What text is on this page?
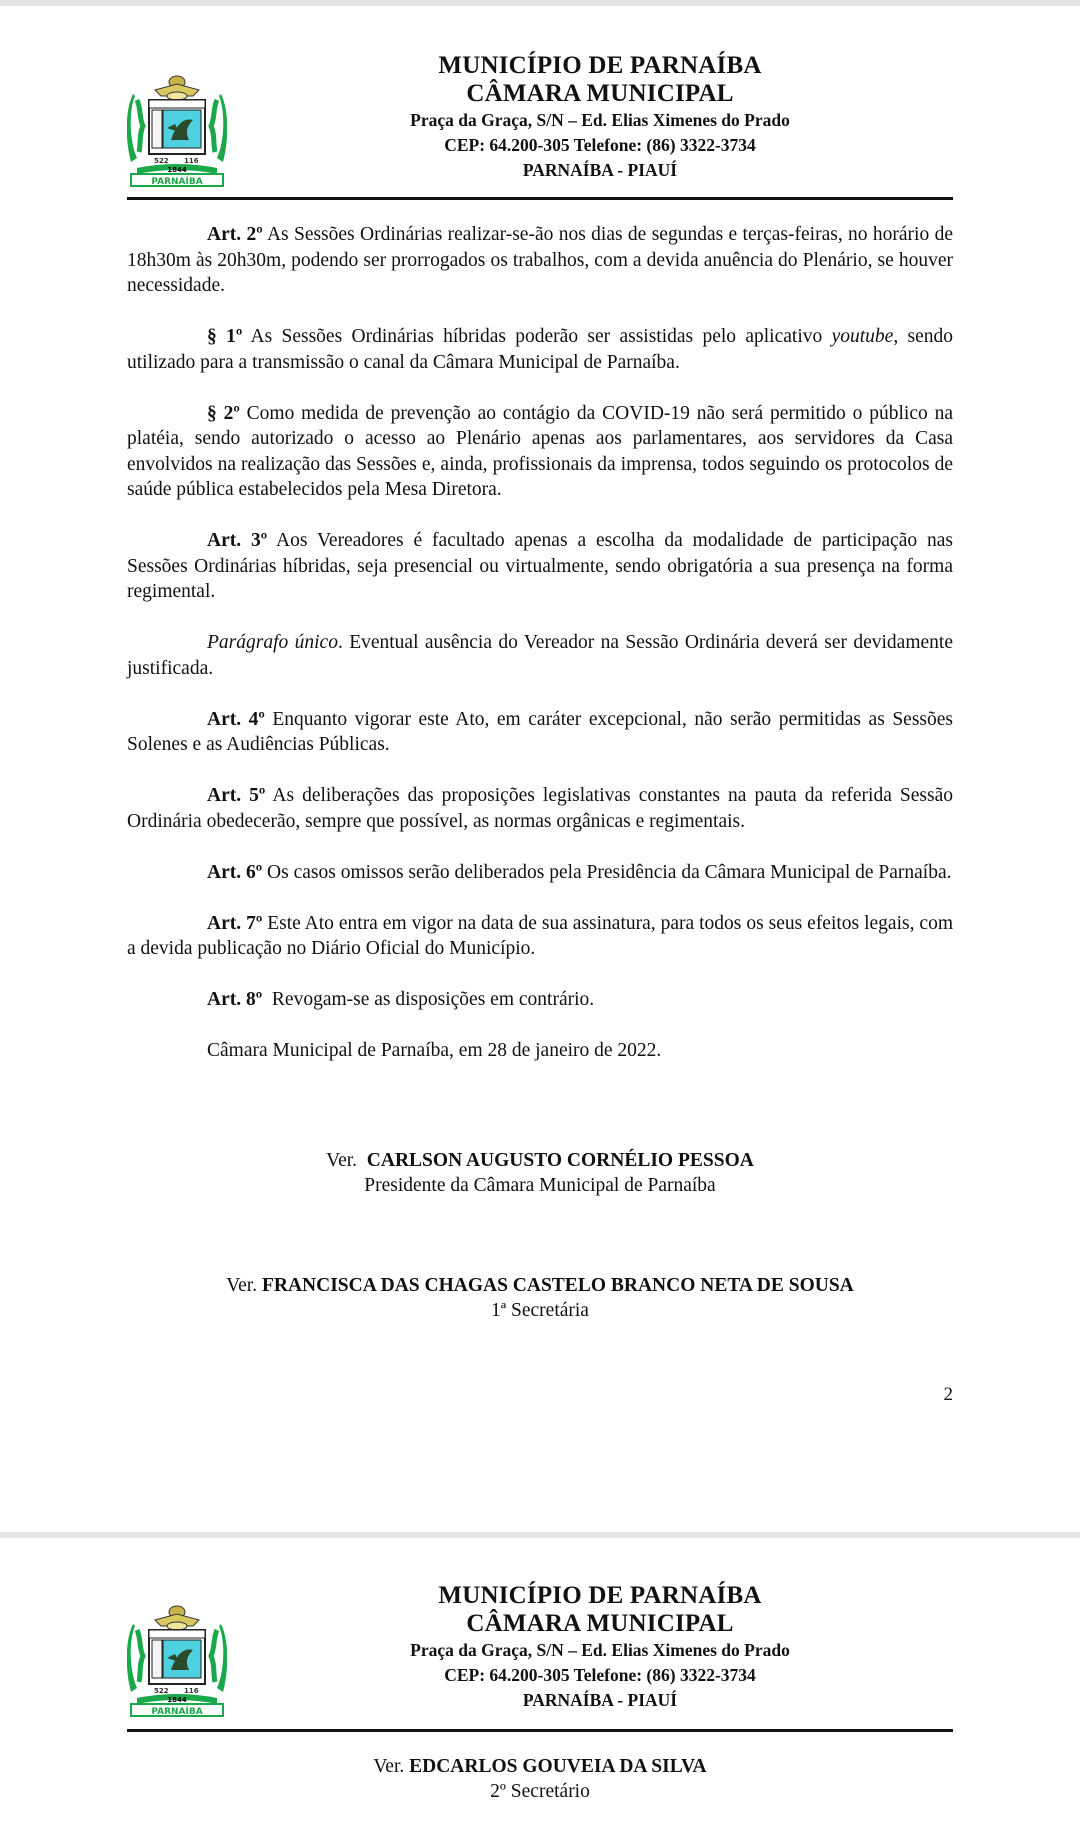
522 116
1844
PARNAÍBA
MUNICÍPIO DE PARNAÍBA
CÂMARA MUNICIPAL
Praça da Graça, S/N – Ed. Elias Ximenes do Prado
CEP: 64.200-305 Telefone: (86) 3322-3734
PARNAÍBA - PIAUÍ

Art. 2º As Sessões Ordinárias realizar-se-ão nos dias de segundas e terças-feiras, no horário de 18h30m às 20h30m, podendo ser prorrogados os trabalhos, com a devida anuência do Plenário, se houver necessidade.

§ 1º As Sessões Ordinárias híbridas poderão ser assistidas pelo aplicativo youtube, sendo utilizado para a transmissão o canal da Câmara Municipal de Parnaíba.

§ 2º Como medida de prevenção ao contágio da COVID-19 não será permitido o público na platéia, sendo autorizado o acesso ao Plenário apenas aos parlamentares, aos servidores da Casa envolvidos na realização das Sessões e, ainda, profissionais da imprensa, todos seguindo os protocolos de saúde pública estabelecidos pela Mesa Diretora.

Art. 3º Aos Vereadores é facultado apenas a escolha da modalidade de participação nas Sessões Ordinárias híbridas, seja presencial ou virtualmente, sendo obrigatória a sua presença na forma regimental.

Parágrafo único. Eventual ausência do Vereador na Sessão Ordinária deverá ser devidamente justificada.

Art. 4º Enquanto vigorar este Ato, em caráter excepcional, não serão permitidas as Sessões Solenes e as Audiências Públicas.

Art. 5º As deliberações das proposições legislativas constantes na pauta da referida Sessão Ordinária obedecerão, sempre que possível, as normas orgânicas e regimentais.

Art. 6º Os casos omissos serão deliberados pela Presidência da Câmara Municipal de Parnaíba.

Art. 7º Este Ato entra em vigor na data de sua assinatura, para todos os seus efeitos legais, com a devida publicação no Diário Oficial do Município.

Art. 8º  Revogam-se as disposições em contrário.

Câmara Municipal de Parnaíba, em 28 de janeiro de 2022.

Ver.  CARLSON AUGUSTO CORNÉLIO PESSOA
Presidente da Câmara Municipal de Parnaíba
Ver. FRANCISCA DAS CHAGAS CASTELO BRANCO NETA DE SOUSA
1ª Secretária
2
522 116
1844
PARNAÍBA
MUNICÍPIO DE PARNAÍBA
CÂMARA MUNICIPAL
Praça da Graça, S/N – Ed. Elias Ximenes do Prado
CEP: 64.200-305 Telefone: (86) 3322-3734
PARNAÍBA - PIAUÍ
Ver. EDCARLOS GOUVEIA DA SILVA
2º Secretário
